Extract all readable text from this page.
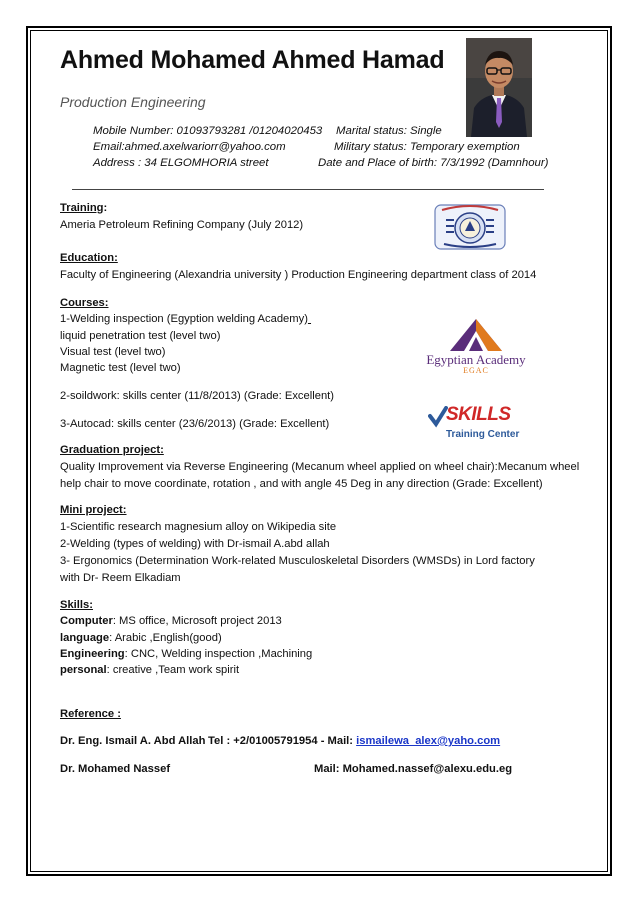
Ahmed Mohamed Ahmed Hamad
Production Engineering
Mobile Number: 01093793281 /01204020453 Marital status: Single
Email:ahmed.axelwariorr@yahoo.com	Military status: Temporary exemption
Address : 34 ELGOMHORIA street	Date and Place of birth: 7/3/1992 (Damnhour)
Training:
Ameria Petroleum Refining Company (July 2012)
Education:
Faculty of Engineering (Alexandria university ) Production Engineering department class of 2014
Courses:
1-Welding inspection (Egyption welding Academy)
liquid penetration test (level two)
Visual test (level two)
Magnetic test (level two)
2-soildwork: skills center (11/8/2013) (Grade: Excellent)
3-Autocad: skills center (23/6/2013) (Grade: Excellent)
Egyptian Academy
EGAC
SKILLS
Training Center
Graduation project:
Quality Improvement via Reverse Engineering (Mecanum wheel applied on wheel chair):Mecanum wheel
help chair to move coordinate, rotation , and with angle 45 Deg in any direction (Grade: Excellent)
Mini project:
1-Scientific research magnesium alloy on Wikipedia site
2-Welding (types of welding) with Dr-ismail A.abd allah
3- Ergonomics (Determination Work-related Musculoskeletal Disorders (WMSDs) in Lord factory
with Dr- Reem Elkadiam
Skills:
Computer: MS office, Microsoft project 2013
language: Arabic ,English(good)
Engineering: CNC, Welding inspection ,Machining
personal: creative ,Team work spirit
Reference :
Dr. Eng. Ismail A. Abd Allah Tel : +2/01005791954 - Mail: ismailewa_alex@yaho.com
Dr. Mohamed Nassef	Mail: Mohamed.nassef@alexu.edu.eg
